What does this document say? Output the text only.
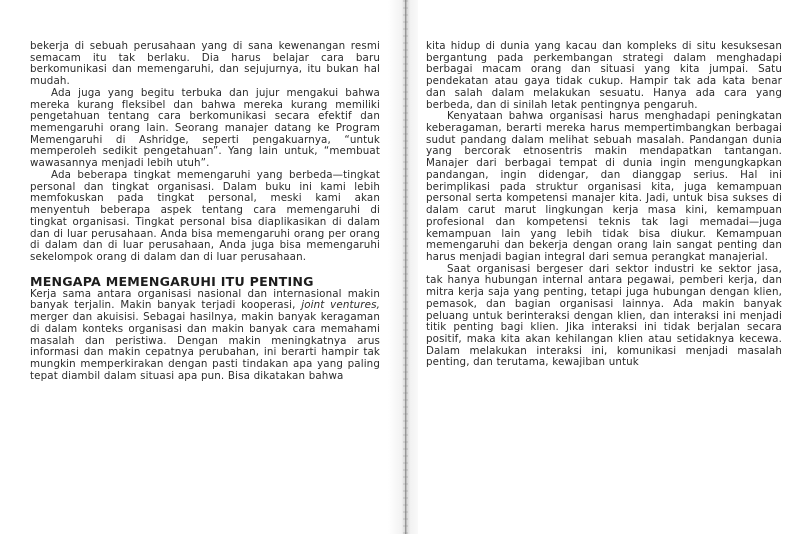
bekerja di sebuah perusahaan yang di sana kewenangan resmi semacam itu tak berlaku. Dia harus belajar cara baru berkomunikasi dan memengaruhi, dan sejujurnya, itu bukan hal mudah.

Ada juga yang begitu terbuka dan jujur mengakui bahwa mereka kurang fleksibel dan bahwa mereka kurang memiliki pengetahuan tentang cara berkomunikasi secara efektif dan memengaruhi orang lain. Seorang manajer datang ke Program Memengaruhi di Ashridge, seperti pengakuarnya, “untuk memperoleh sedikit pengetahuan”. Yang lain untuk, “membuat wawasannya menjadi lebih utuh”.

Ada beberapa tingkat memengaruhi yang berbeda—tingkat personal dan tingkat organisasi. Dalam buku ini kami lebih memfokuskan pada tingkat personal, meski kami akan menyentuh beberapa aspek tentang cara memengaruhi di tingkat organisasi. Tingkat personal bisa diaplikasikan di dalam dan di luar perusahaan. Anda bisa memengaruhi orang per orang di dalam dan di luar perusahaan, Anda juga bisa memengaruhi sekelompok orang di dalam dan di luar perusahaan.

MENGAPA MEMENGARUHI ITU PENTING

Kerja sama antara organisasi nasional dan internasional makin banyak terjalin. Makin banyak terjadi kooperasi, joint ventures, merger dan akuisisi. Sebagai hasilnya, makin banyak keragaman di dalam konteks organisasi dan makin banyak cara memahami masalah dan peristiwa. Dengan makin meningkatnya arus informasi dan makin cepatnya perubahan, ini berarti hampir tak mungkin memperkirakan dengan pasti tindakan apa yang paling tepat diambil dalam situasi apa pun. Bisa dikatakan bahwa

kita hidup di dunia yang kacau dan kompleks di situ kesuksesan bergantung pada perkembangan strategi dalam menghadapi berbagai macam orang dan situasi yang kita jumpai. Satu pendekatan atau gaya tidak cukup. Hampir tak ada kata benar dan salah dalam melakukan sesuatu. Hanya ada cara yang berbeda, dan di sinilah letak pentingnya pengaruh.

Kenyataan bahwa organisasi harus menghadapi peningkatan keberagaman, berarti mereka harus mempertimbangkan berbagai sudut pandang dalam melihat sebuah masalah. Pandangan dunia yang bercorak etnosentris makin mendapatkan tantangan. Manajer dari berbagai tempat di dunia ingin mengungkapkan pandangan, ingin didengar, dan dianggap serius. Hal ini berimplikasi pada struktur organisasi kita, juga kemampuan personal serta kompetensi manajer kita. Jadi, untuk bisa sukses di dalam carut marut lingkungan kerja masa kini, kemampuan profesional dan kompetensi teknis tak lagi memadai—juga kemampuan lain yang lebih tidak bisa diukur. Kemampuan memengaruhi dan bekerja dengan orang lain sangat penting dan harus menjadi bagian integral dari semua perangkat manajerial.

Saat organisasi bergeser dari sektor industri ke sektor jasa, tak hanya hubungan internal antara pegawai, pemberi kerja, dan mitra kerja saja yang penting, tetapi juga hubungan dengan klien, pemasok, dan bagian organisasi lainnya. Ada makin banyak peluang untuk berinteraksi dengan klien, dan interaksi ini menjadi titik penting bagi klien. Jika interaksi ini tidak berjalan secara positif, maka kita akan kehilangan klien atau setidaknya kecewa. Dalam melakukan interaksi ini, komunikasi menjadi masalah penting, dan terutama, kewajiban untuk
